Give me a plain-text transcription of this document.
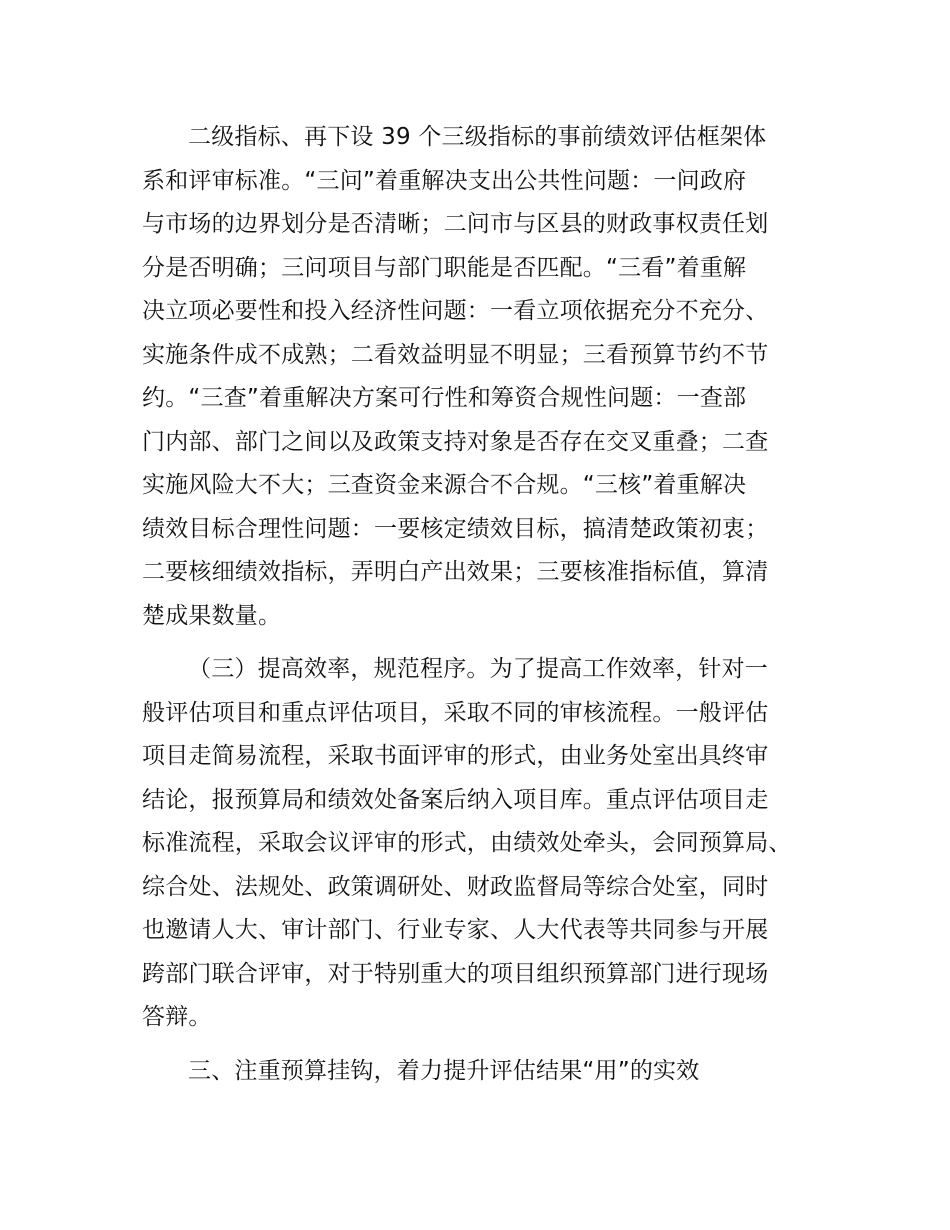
二级指标、再下设 39 个三级指标的事前绩效评估框架体
系和评审标准。“三问”着重解决支出公共性问题：一问政府
与市场的边界划分是否清晰；二问市与区县的财政事权责任划
分是否明确；三问项目与部门职能是否匹配。“三看”着重解
决立项必要性和投入经济性问题：一看立项依据充分不充分、
实施条件成不成熟；二看效益明显不明显；三看预算节约不节
约。“三查”着重解决方案可行性和筹资合规性问题：一查部
门内部、部门之间以及政策支持对象是否存在交叉重叠；二查
实施风险大不大；三查资金来源合不合规。“三核”着重解决
绩效目标合理性问题：一要核定绩效目标，搞清楚政策初衷；
二要核细绩效指标，弄明白产出效果；三要核准指标值，算清
楚成果数量。
（三）提高效率，规范程序。为了提高工作效率，针对一
般评估项目和重点评估项目，采取不同的审核流程。一般评估
项目走简易流程，采取书面评审的形式，由业务处室出具终审
结论，报预算局和绩效处备案后纳入项目库。重点评估项目走
标准流程，采取会议评审的形式，由绩效处牵头，会同预算局、
综合处、法规处、政策调研处、财政监督局等综合处室，同时
也邀请人大、审计部门、行业专家、人大代表等共同参与开展
跨部门联合评审，对于特别重大的项目组织预算部门进行现场
答辩。
三、注重预算挂钩，着力提升评估结果“用”的实效
